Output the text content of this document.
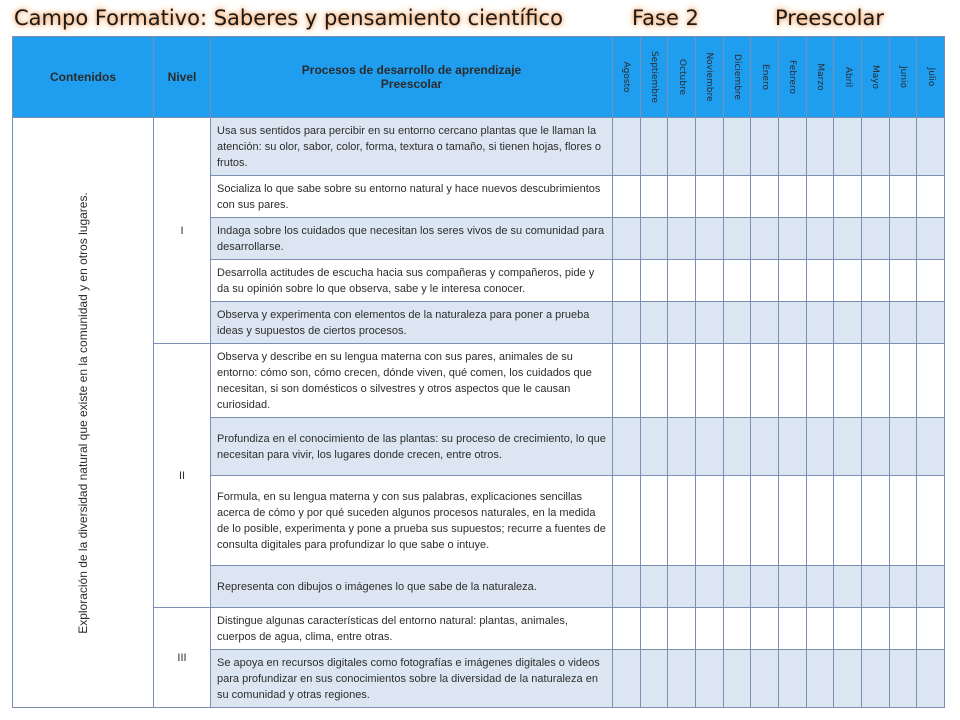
Campo Formativo: Saberes y pensamiento científico	Fase 2	Preescolar
Contenidos	Nivel	Procesos de desarrollo de aprendizaje
Preescolar	Agosto	Septiembre	Octubre	Noviembre	Diciembre	Enero	Febrero	Marzo	Abril	Mayo	Junio	Julio

Exploración de la diversidad natural que existe en la comunidad y en otros lugares.	I	Usa sus sentidos para percibir en su entorno cercano plantas que le llaman la atención: su olor, sabor, color, forma, textura o tamaño, si tienen hojas, flores o frutos.												
		Socializa lo que sabe sobre su entorno natural y hace nuevos descubrimientos con sus pares.												
		Indaga sobre los cuidados que necesitan los seres vivos de su comunidad para desarrollarse.												
		Desarrolla actitudes de escucha hacia sus compañeras y compañeros, pide y da su opinión sobre lo que observa, sabe y le interesa conocer.												
		Observa y experimenta con elementos de la naturaleza para poner a prueba ideas y supuestos de ciertos procesos.												
	II	Observa y describe en su lengua materna con sus pares, animales de su entorno: cómo son, cómo crecen, dónde viven, qué comen, los cuidados que necesitan, si son domésticos o silvestres y otros aspectos que le causan curiosidad.												
		Profundiza en el conocimiento de las plantas: su proceso de crecimiento, lo que necesitan para vivir, los lugares donde crecen, entre otros.												
		Formula, en su lengua materna y con sus palabras, explicaciones sencillas acerca de cómo y por qué suceden algunos procesos naturales, en la medida de lo posible, experimenta y pone a prueba sus supuestos; recurre a fuentes de consulta digitales para profundizar lo que sabe o intuye.												
		Representa con dibujos o imágenes lo que sabe de la naturaleza.												
	III	Distingue algunas características del entorno natural: plantas, animales, cuerpos de agua, clima, entre otras.												
		Se apoya en recursos digitales como fotografías e imágenes digitales o videos para profundizar en sus conocimientos sobre la diversidad de la naturaleza en su comunidad y otras regiones.												
